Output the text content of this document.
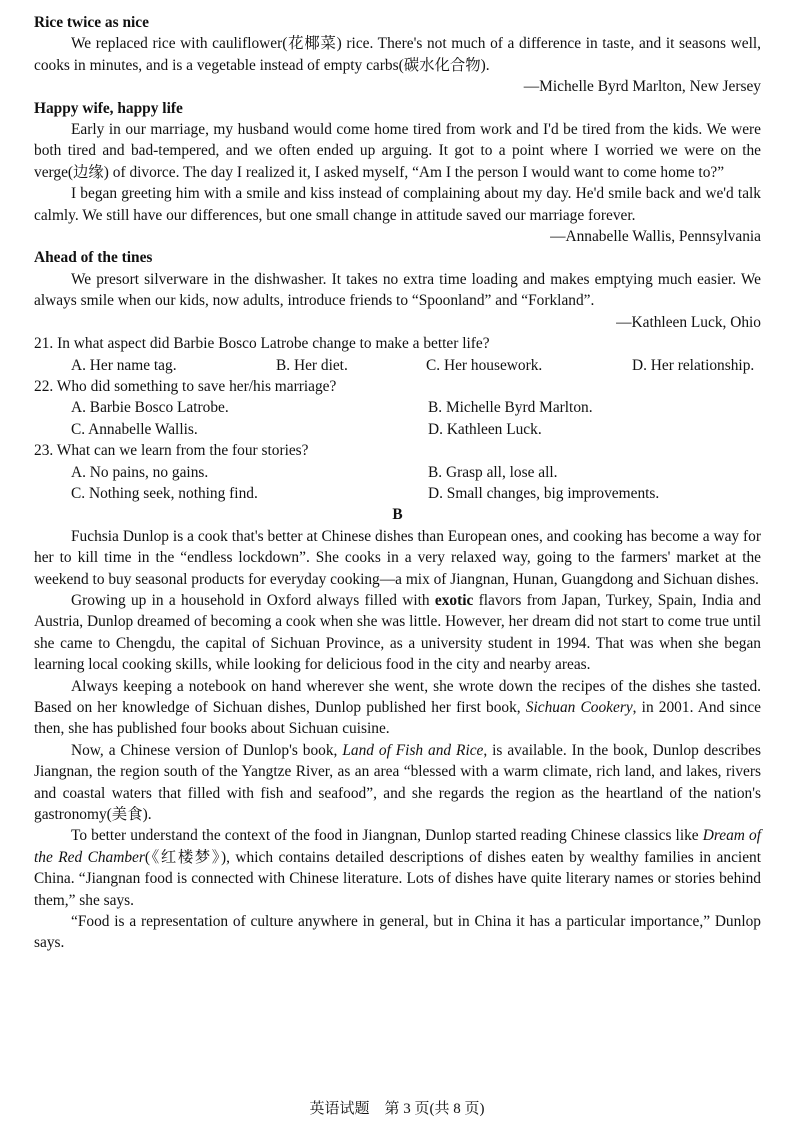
Rice twice as nice

We replaced rice with cauliflower(花椰菜) rice. There's not much of a difference in taste, and it seasons well, cooks in minutes, and is a vegetable instead of empty carbs(碳水化合物).

—Michelle Byrd Marlton, New Jersey

Happy wife, happy life

Early in our marriage, my husband would come home tired from work and I'd be tired from the kids. We were both tired and bad-tempered, and we often ended up arguing. It got to a point where I worried we were on the verge(边缘) of divorce. The day I realized it, I asked myself, “Am I the person I would want to come home to?”

I began greeting him with a smile and kiss instead of complaining about my day. He'd smile back and we'd talk calmly. We still have our differences, but one small change in attitude saved our marriage forever.

—Annabelle Wallis, Pennsylvania

Ahead of the tines

We presort silverware in the dishwasher. It takes no extra time loading and makes emptying much easier. We always smile when our kids, now adults, introduce friends to “Spoonland” and “Forkland”.

—Kathleen Luck, Ohio

21. In what aspect did Barbie Bosco Latrobe change to make a better life?

A. Her name tag.	B. Her diet.	C. Her housework.	D. Her relationship.

22. Who did something to save her/his marriage?

A. Barbie Bosco Latrobe.	B. Michelle Byrd Marlton.
C. Annabelle Wallis.	D. Kathleen Luck.

23. What can we learn from the four stories?

A. No pains, no gains.	B. Grasp all, lose all.
C. Nothing seek, nothing find.	D. Small changes, big improvements.

B

Fuchsia Dunlop is a cook that's better at Chinese dishes than European ones, and cooking has become a way for her to kill time in the “endless lockdown”. She cooks in a very relaxed way, going to the farmers' market at the weekend to buy seasonal products for everyday cooking—a mix of Jiangnan, Hunan, Guangdong and Sichuan dishes.

Growing up in a household in Oxford always filled with exotic flavors from Japan, Turkey, Spain, India and Austria, Dunlop dreamed of becoming a cook when she was little. However, her dream did not start to come true until she came to Chengdu, the capital of Sichuan Province, as a university student in 1994. That was when she began learning local cooking skills, while looking for delicious food in the city and nearby areas.

Always keeping a notebook on hand wherever she went, she wrote down the recipes of the dishes she tasted. Based on her knowledge of Sichuan dishes, Dunlop published her first book, Sichuan Cookery, in 2001. And since then, she has published four books about Sichuan cuisine.

Now, a Chinese version of Dunlop's book, Land of Fish and Rice, is available. In the book, Dunlop describes Jiangnan, the region south of the Yangtze River, as an area “blessed with a warm climate, rich land, and lakes, rivers and coastal waters that filled with fish and seafood”, and she regards the region as the heartland of the nation's gastronomy(美食).

To better understand the context of the food in Jiangnan, Dunlop started reading Chinese classics like Dream of the Red Chamber(《红楼梦》), which contains detailed descriptions of dishes eaten by wealthy families in ancient China. “Jiangnan food is connected with Chinese literature. Lots of dishes have quite literary names or stories behind them,” she says.

“Food is a representation of culture anywhere in general, but in China it has a particular importance,” Dunlop says.

英语试题　第 3 页(共 8 页)
